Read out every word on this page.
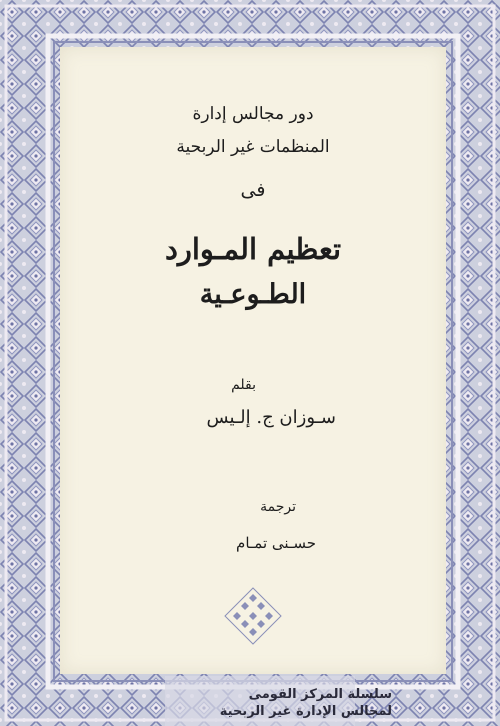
دور مجالس إدارة
المنظمات غير الربحية
فى
تعظيم المـوارد
الطـوعـية
بقلم
سـوزان ج. إلـيس
ترجمة
حسـنى تمـام
سلسلة المركز القومى
لمجالس الإدارة غير الربحية
